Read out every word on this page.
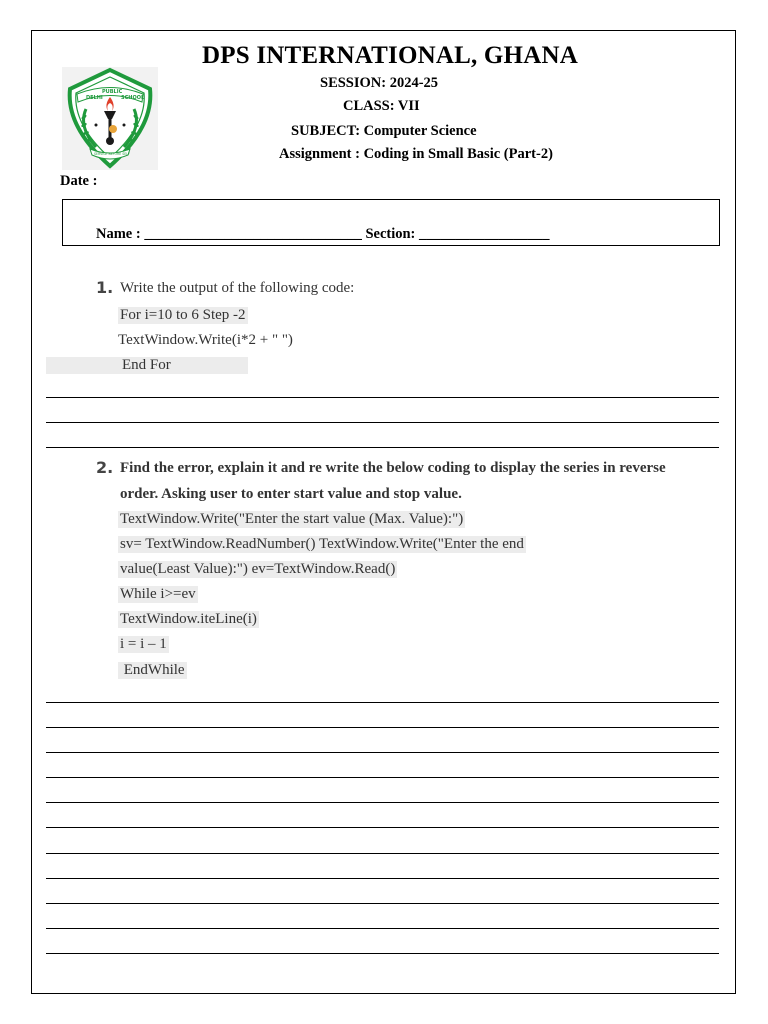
DELHI
PUBLIC
SCHOOL
SERVICE BEFORE SELF
DPS INTERNATIONAL, GHANA
SESSION: 2024-25
CLASS: VII
SUBJECT: Computer Science
Assignment : Coding in Small Basic (Part-2)
Date :
Name : ______________________________ Section: __________________
1. Write the output of the following code:
For i=10 to 6 Step -2
TextWindow.Write(i*2 + " ")
End For
2. Find the error, explain it and re write the below coding to display the series in reverse
order. Asking user to enter start value and stop value.
TextWindow.Write("Enter the start value (Max. Value):")
sv= TextWindow.ReadNumber() TextWindow.Write("Enter the end
value(Least Value):") ev=TextWindow.Read()
While i>=ev
TextWindow.iteLine(i)
i = i – 1
EndWhile
